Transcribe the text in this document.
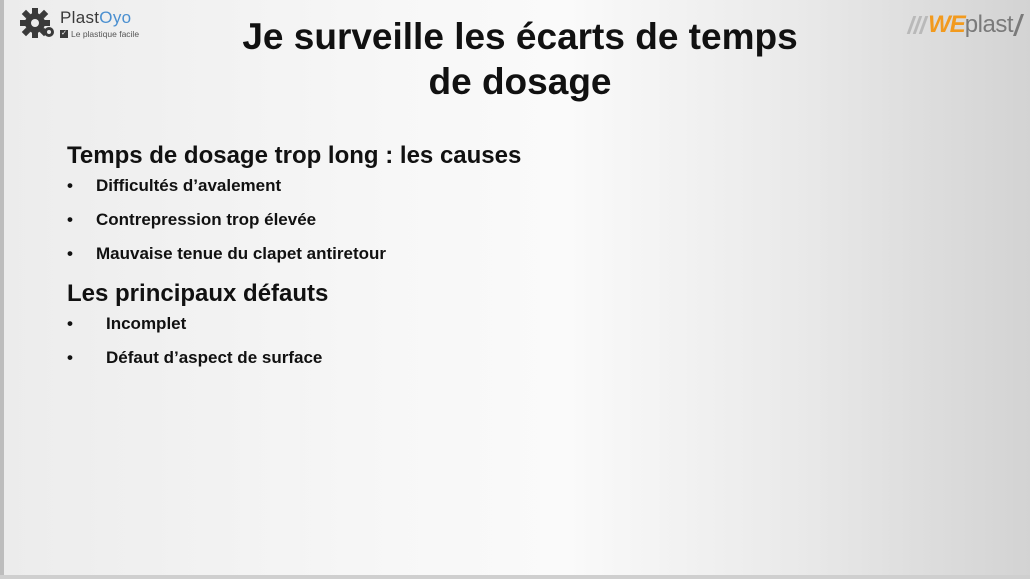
PlastOyo
✓ Le plastique facile	WE plast
Je surveille les écarts de temps
de dosage
Temps de dosage trop long : les causes
• Difficultés d’avalement
• Contrepression trop élevée
• Mauvaise tenue du clapet antiretour
Les principaux défauts
• Incomplet
• Défaut d’aspect de surface
